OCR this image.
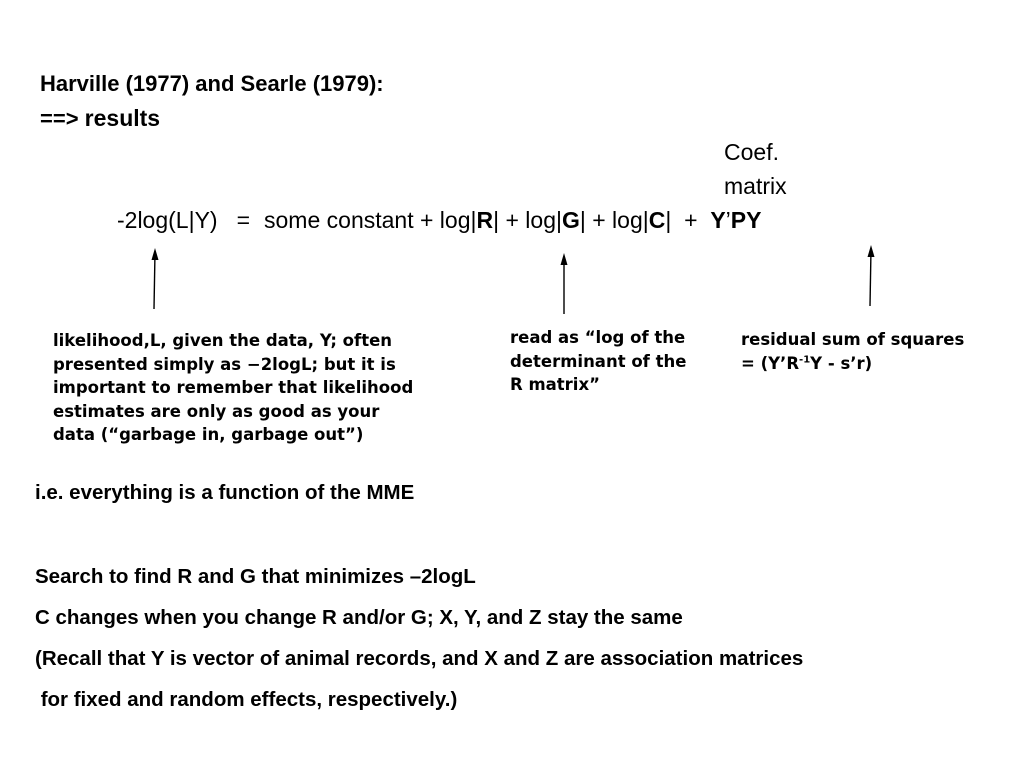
Harville (1977) and Searle (1979):
==> results
Coef.
matrix
-2log(L|Y) = some constant + log|R| + log|G| + log|C|  +  Y’PY
likelihood,L, given the data, Y; often
presented simply as −2logL; but it is
important to remember that likelihood
estimates are only as good as your
data (“garbage in, garbage out”)
read as “log of the
determinant of the
R matrix”
residual sum of squares
= ($Y’R^{-1}Y$ - s’r)
i.e. everything is a function of the MME
Search to find R and G that minimizes –2logL
C changes when you change R and/or G; X, Y, and Z stay the same
(Recall that Y is vector of animal records, and X and Z are association matrices
for fixed and random effects, respectively.)
